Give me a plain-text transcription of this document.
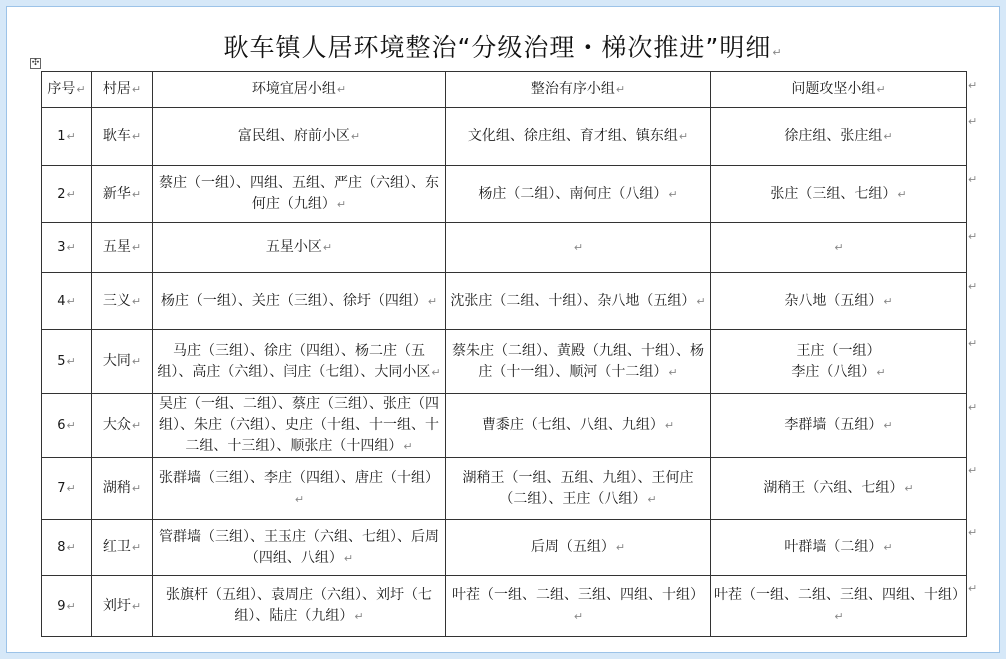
耿车镇人居环境整治“分级治理・梯次推进”明细↵
✣
序号↵	村居↵	环境宜居小组↵	整治有序小组↵	问题攻坚小组↵
1↵	耿车↵	富民组、府前小区↵	文化组、徐庄组、育才组、镇东组↵	徐庄组、张庄组↵
2↵	新华↵	蔡庄（一组）、四组、五组、严庄（六组）、东何庄（九组）↵	杨庄（二组）、南何庄（八组）↵	张庄（三组、七组）↵
3↵	五星↵	五星小区↵	↵	↵
4↵	三义↵	杨庄（一组）、关庄（三组）、徐圩（四组）↵	沈张庄（二组、十组）、杂八地（五组）↵	杂八地（五组）↵
5↵	大同↵	马庄（三组）、徐庄（四组）、杨二庄（五组）、高庄（六组）、闫庄（七组）、大同小区↵	蔡朱庄（二组）、黄殿（九组、十组）、杨庄（十一组）、顺河（十二组）↵	王庄（一组）
李庄（八组）↵
6↵	大众↵	吴庄（一组、二组）、蔡庄（三组）、张庄（四组）、朱庄（六组）、史庄（十组、十一组、十二组、十三组）、顺张庄（十四组）↵	曹黍庄（七组、八组、九组）↵	李群墙（五组）↵
7↵	湖稍↵	张群墙（三组）、李庄（四组）、唐庄（十组）↵	湖稍王（一组、五组、九组）、王何庄（二组）、王庄（八组）↵	湖稍王（六组、七组）↵
8↵	红卫↵	管群墙（三组）、王玉庄（六组、七组）、后周（四组、八组）↵	后周（五组）↵	叶群墙（二组）↵
9↵	刘圩↵	张旗杆（五组）、袁周庄（六组）、刘圩（七组）、陆庄（九组）↵	叶茬（一组、二组、三组、四组、十组）↵	叶茬（一组、二组、三组、四组、十组）↵
↵
↵
↵
↵
↵
↵
↵
↵
↵
↵
